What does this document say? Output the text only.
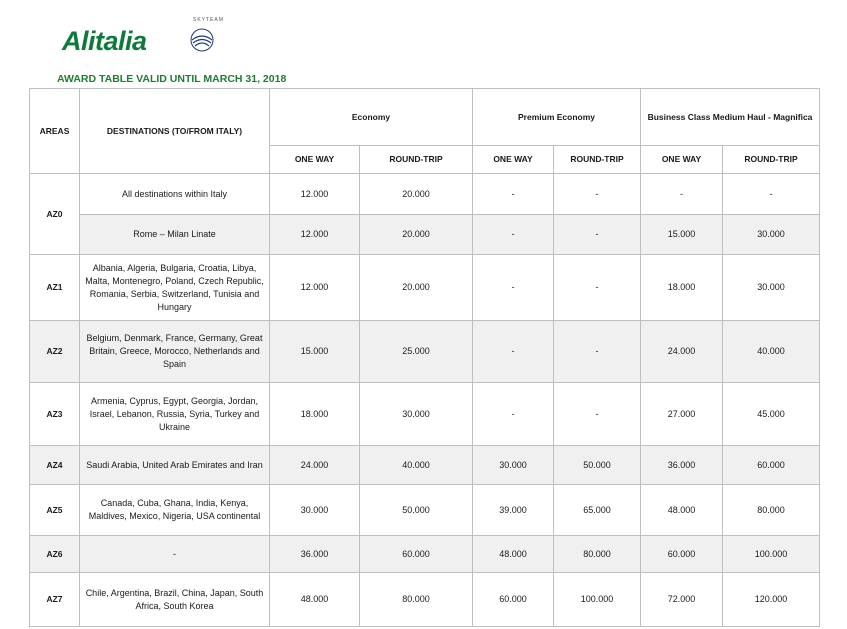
Alitalia
SKYTEAM
AWARD TABLE VALID UNTIL MARCH 31, 2018
AREAS	DESTINATIONS (TO/FROM ITALY)	Economy		Premium Economy		Business Class Medium Haul - Magnifica	
		ONE WAY	ROUND-TRIP	ONE WAY	ROUND-TRIP	ONE WAY	ROUND-TRIP
AZ0	All destinations within Italy	12.000	20.000	-	-	-	-
	Rome – Milan Linate	12.000	20.000	-	-	15.000	30.000
AZ1	Albania, Algeria, Bulgaria, Croatia, Libya, Malta, Montenegro, Poland, Czech Republic, Romania, Serbia, Switzerland, Tunisia and Hungary	12.000	20.000	-	-	18.000	30.000
AZ2	Belgium, Denmark, France, Germany, Great Britain, Greece, Morocco, Netherlands and Spain	15.000	25.000	-	-	24.000	40.000
AZ3	Armenia, Cyprus, Egypt, Georgia, Jordan, Israel, Lebanon, Russia, Syria, Turkey and Ukraine	18.000	30.000	-	-	27.000	45.000
AZ4	Saudi Arabia, United Arab Emirates and Iran	24.000	40.000	30.000	50.000	36.000	60.000
AZ5	Canada, Cuba, Ghana, India, Kenya, Maldives, Mexico, Nigeria, USA continental	30.000	50.000	39.000	65.000	48.000	80.000
AZ6	-	36.000	60.000	48.000	80.000	60.000	100.000
AZ7	Chile, Argentina, Brazil, China, Japan, South Africa, South Korea	48.000	80.000	60.000	100.000	72.000	120.000
